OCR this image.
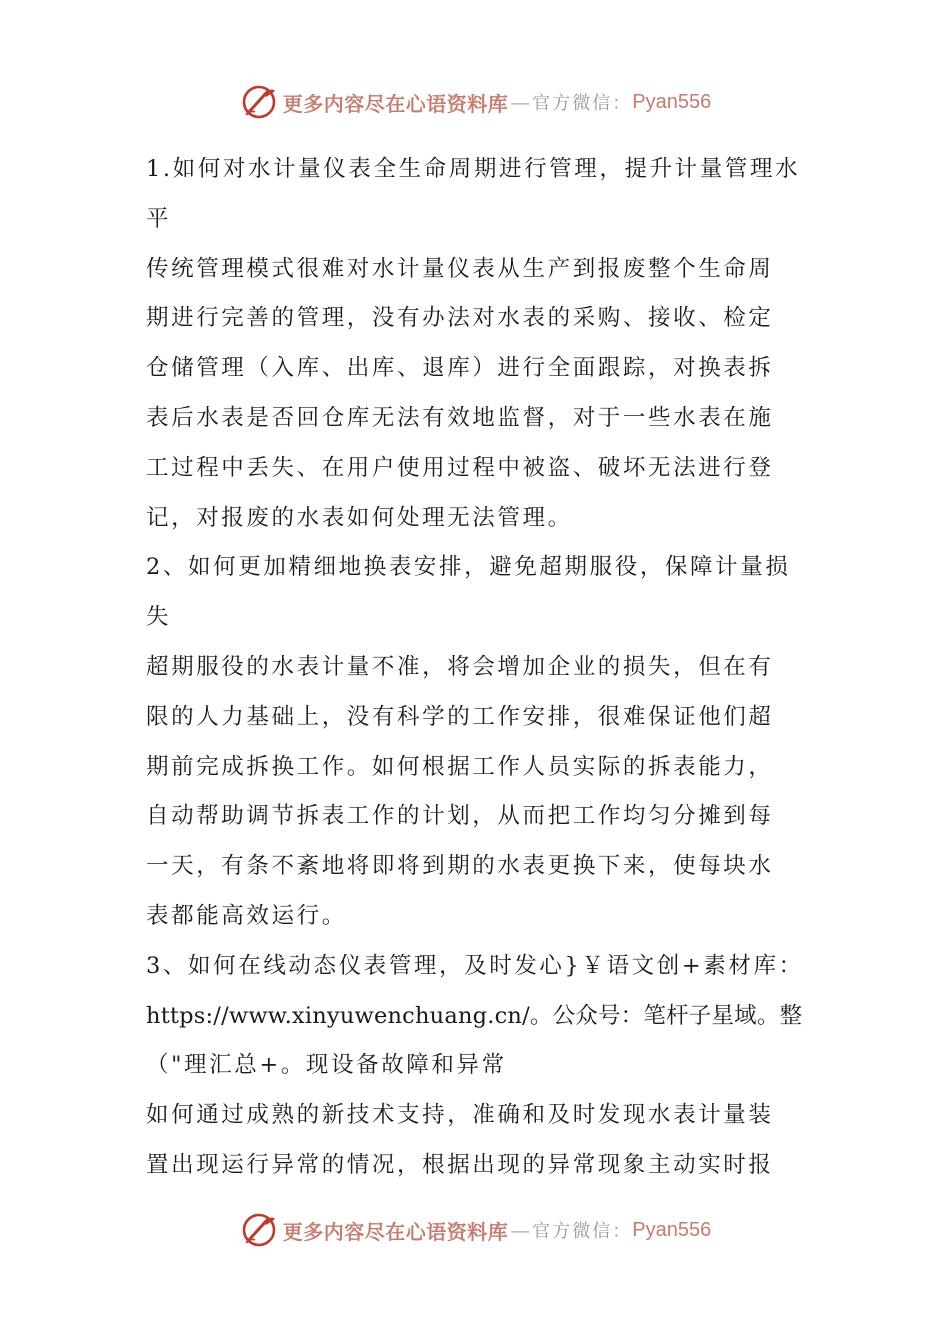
更多内容尽在心语资料库 — 官方微信： Pyan556
1.如何对水计量仪表全生命周期进行管理，提升计量管理水
平
传统管理模式很难对水计量仪表从生产到报废整个生命周
期进行完善的管理，没有办法对水表的采购、接收、检定
仓储管理（入库、出库、退库）进行全面跟踪，对换表拆
表后水表是否回仓库无法有效地监督，对于一些水表在施
工过程中丢失、在用户使用过程中被盗、破坏无法进行登
记，对报废的水表如何处理无法管理。
2、如何更加精细地换表安排，避免超期服役，保障计量损
失
超期服役的水表计量不准，将会增加企业的损失，但在有
限的人力基础上，没有科学的工作安排，很难保证他们超
期前完成拆换工作。如何根据工作人员实际的拆表能力，
自动帮助调节拆表工作的计划，从而把工作均匀分摊到每
一天，有条不紊地将即将到期的水表更换下来，使每块水
表都能高效运行。
3、如何在线动态仪表管理，及时发心}￥语文创+素材库：
https://www.xinyuwenchuang.cn/。公众号：笔杆子星域。整
（"理汇总+。现设备故障和异常
如何通过成熟的新技术支持，准确和及时发现水表计量装
置出现运行异常的情况，根据出现的异常现象主动实时报
更多内容尽在心语资料库 — 官方微信： Pyan556
